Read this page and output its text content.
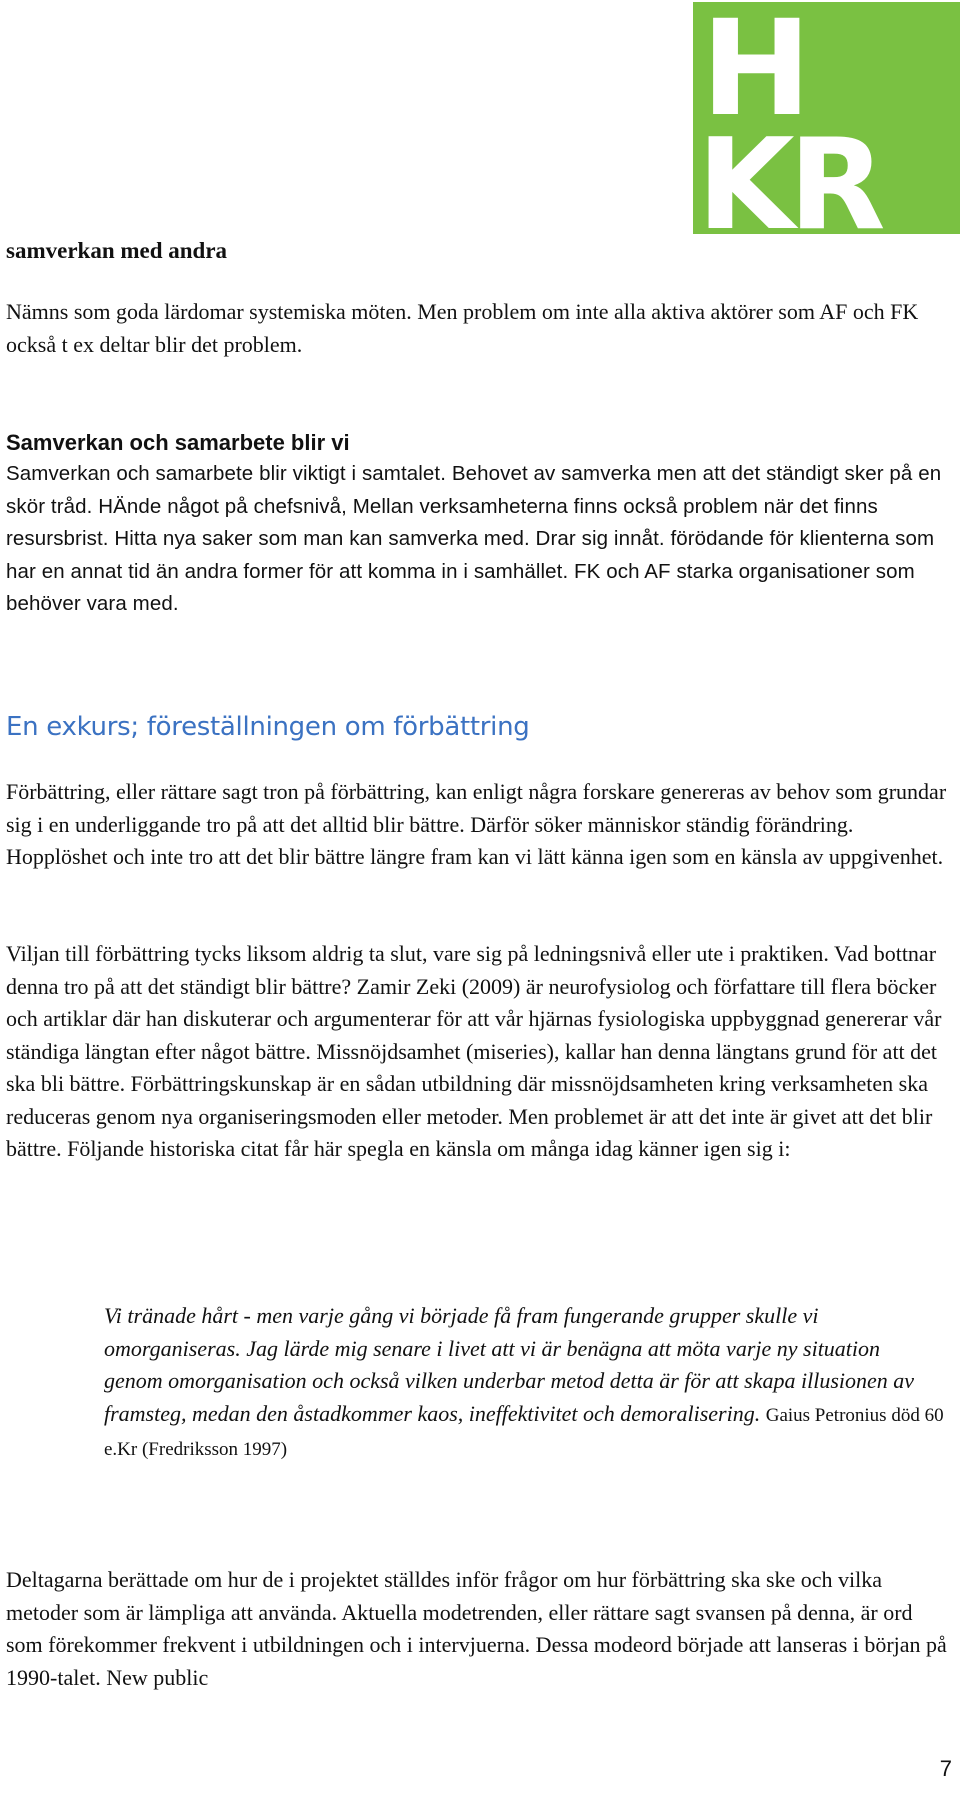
H
KR
samverkan med andra

Nämns som goda lärdomar systemiska möten. Men problem om inte alla aktiva aktörer som AF och FK också t ex deltar blir det problem.

Samverkan och samarbete blir vi

Samverkan och samarbete blir viktigt i samtalet. Behovet av samverka men att det ständigt sker på en skör tråd. HÄnde något på chefsnivå, Mellan verksamheterna finns också problem när det finns resursbrist. Hitta nya saker som man kan samverka med. Drar sig innåt. förödande för klienterna som har en annat tid än andra former för att komma in i samhället. FK och AF starka organisationer som behöver vara med.

En exkurs; föreställningen om förbättring

Förbättring, eller rättare sagt tron på förbättring, kan enligt några forskare genereras av behov som grundar sig i en underliggande tro på att det alltid blir bättre. Därför söker människor ständig förändring. Hopplöshet och inte tro att det blir bättre längre fram kan vi lätt känna igen som en känsla av uppgivenhet.

Viljan till förbättring tycks liksom aldrig ta slut, vare sig på ledningsnivå eller ute i praktiken. Vad bottnar denna tro på att det ständigt blir bättre? Zamir Zeki (2009) är neurofysiolog och författare till flera böcker och artiklar där han diskuterar och argumenterar för att vår hjärnas fysiologiska uppbyggnad genererar vår ständiga längtan efter något bättre. Missnöjdsamhet (miseries), kallar han denna längtans grund för att det ska bli bättre. Förbättringskunskap är en sådan utbildning där missnöjdsamheten kring verksamheten ska reduceras genom nya organiseringsmoden eller metoder. Men problemet är att det inte är givet att det blir bättre. Följande historiska citat får här spegla en känsla om många idag känner igen sig i:

Vi tränade hårt - men varje gång vi började få fram fungerande grupper skulle vi omorganiseras. Jag lärde mig senare i livet att vi är benägna att möta varje ny situation genom omorganisation och också vilken underbar metod detta är för att skapa illusionen av framsteg, medan den åstadkommer kaos, ineffektivitet och demoralisering. Gaius Petronius död 60 e.Kr (Fredriksson 1997)

Deltagarna berättade om hur de i projektet ställdes inför frågor om hur förbättring ska ske och vilka metoder som är lämpliga att använda. Aktuella modetrenden, eller rättare sagt svansen på denna, är ord som förekommer frekvent i utbildningen och i intervjuerna. Dessa modeord började att lanseras i början på 1990-talet. New public

7
